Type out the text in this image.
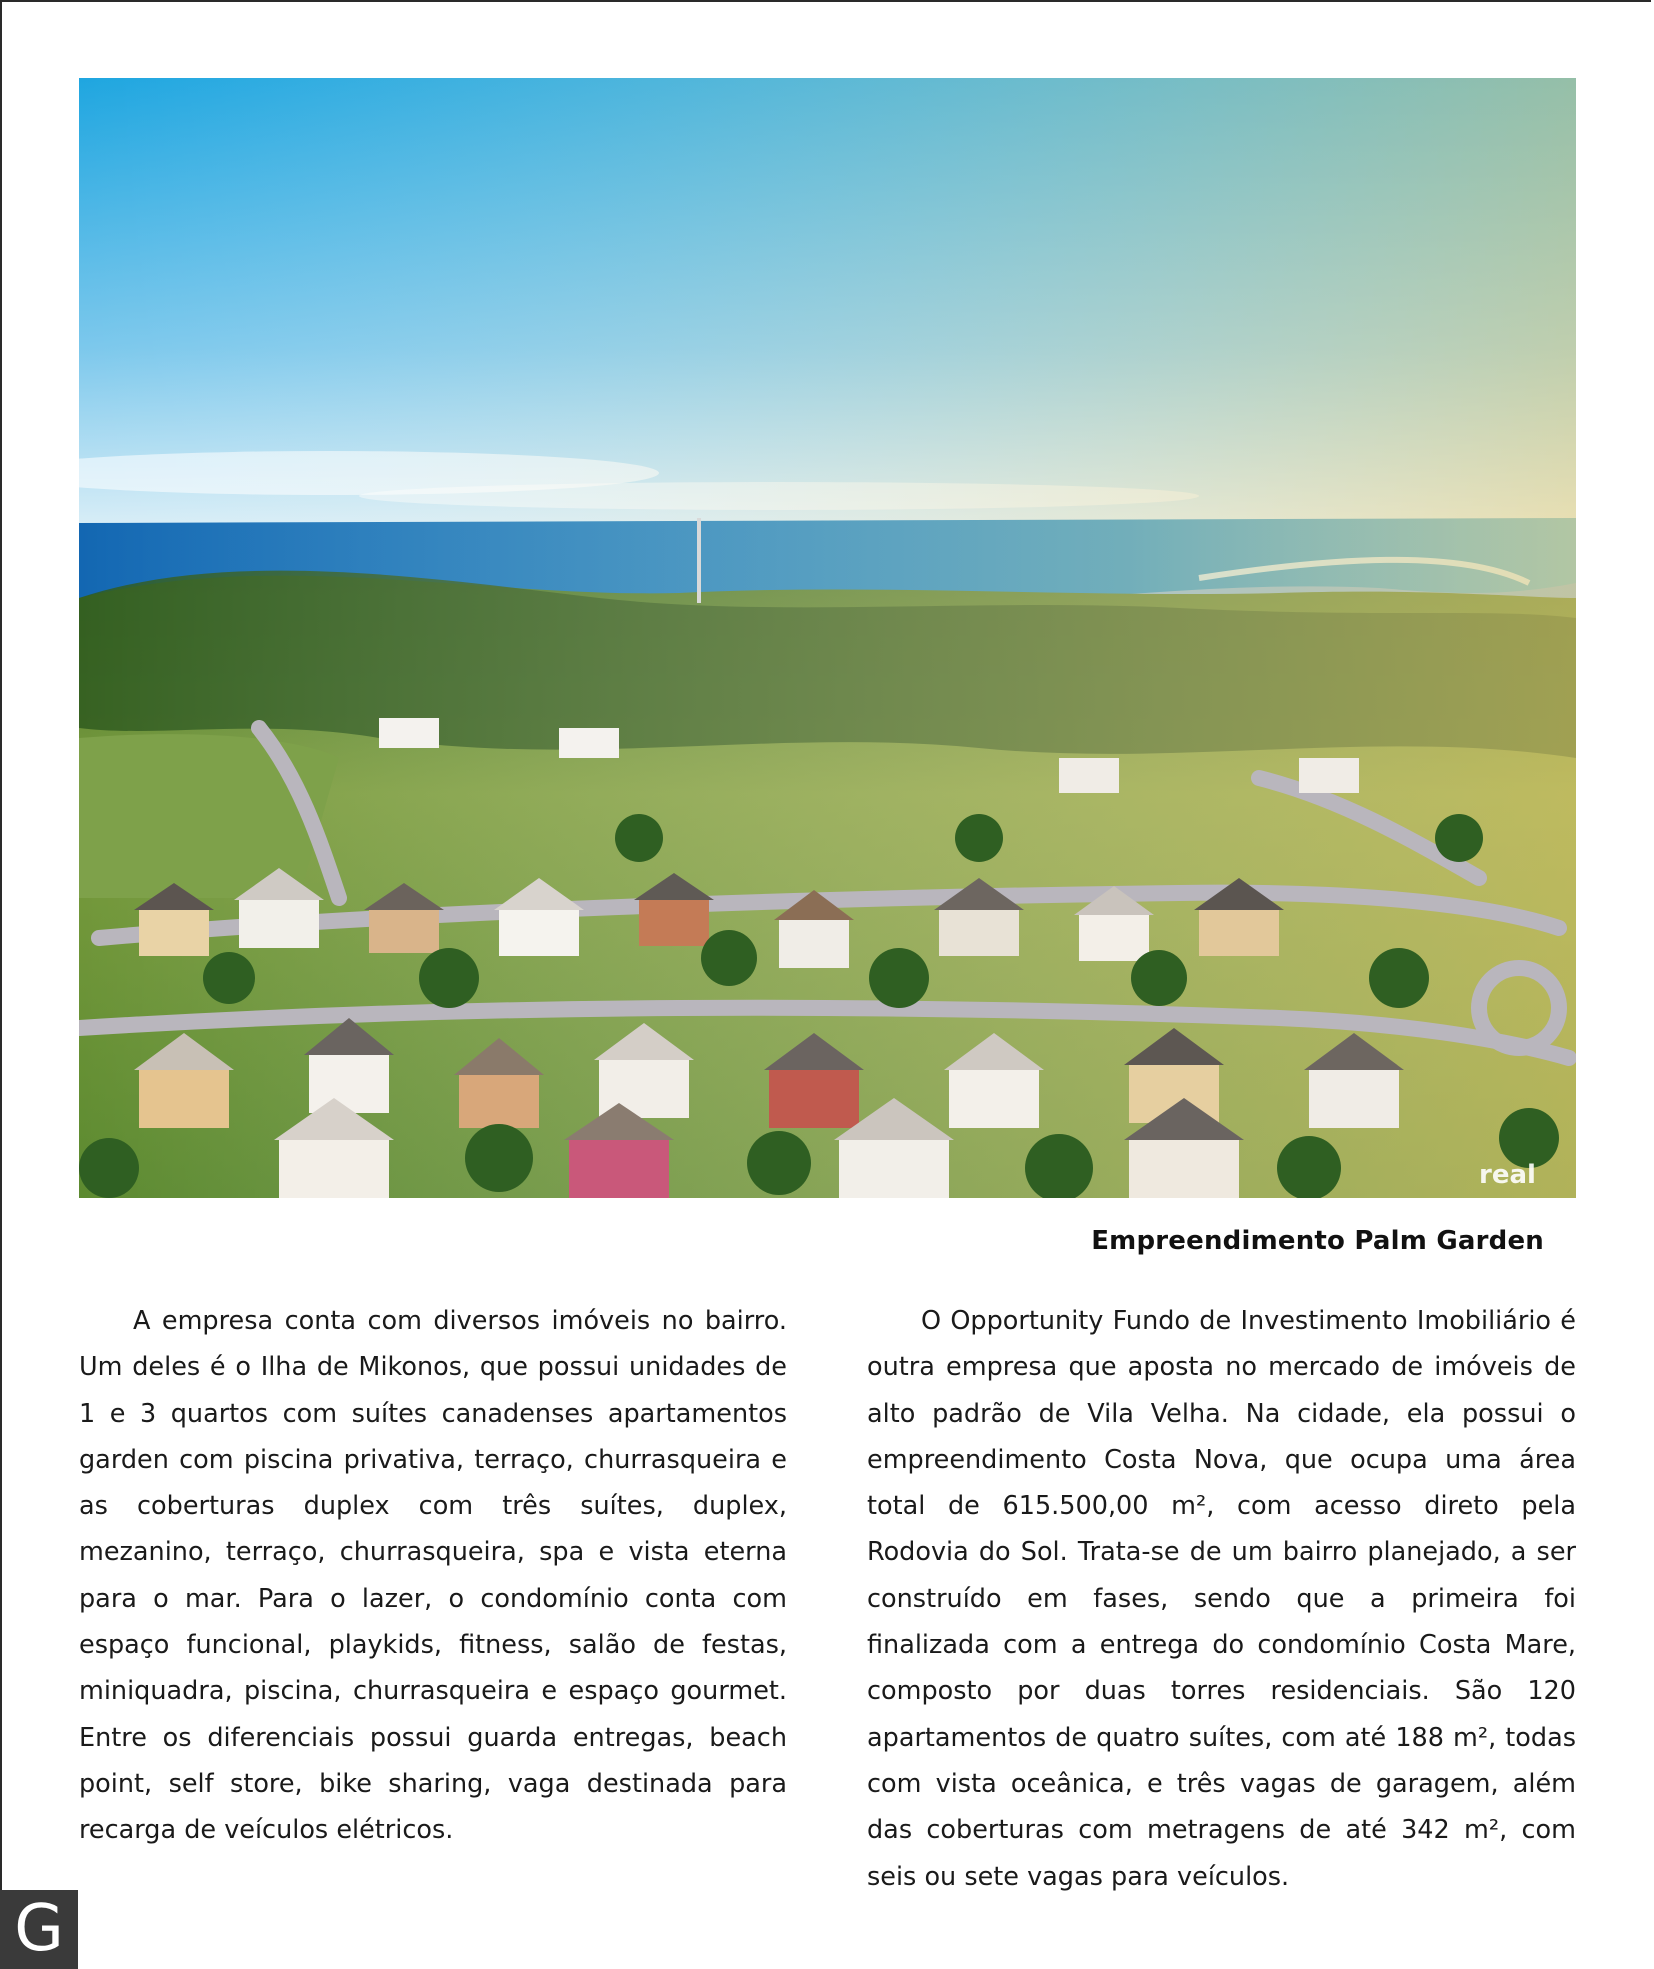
real
Empreendimento Palm Garden

A empresa conta com diversos imóveis no bairro. Um deles é o Ilha de Mikonos, que possui unidades de 1 e 3 quartos com suítes canadenses apartamentos garden com piscina privativa, terraço, churrasqueira e as coberturas duplex com três suítes, duplex, mezanino, terraço, churrasqueira, spa e vista eterna para o mar. Para o lazer, o condomínio conta com espaço funcional, playkids, fitness, salão de festas, miniquadra, piscina, churrasqueira e espaço gourmet. Entre os diferenciais possui guarda entregas, beach point, self store, bike sharing, vaga destinada para recarga de veículos elétricos.

O Opportunity Fundo de Investimento Imobiliário é outra empresa que aposta no mercado de imóveis de alto padrão de Vila Velha. Na cidade, ela possui o empreendimento Costa Nova, que ocupa uma área total de 615.500,00 m², com acesso direto pela Rodovia do Sol. Trata-se de um bairro planejado, a ser construído em fases, sendo que a primeira foi finalizada com a entrega do condomínio Costa Mare, composto por duas torres residenciais. São 120 apartamentos de quatro suítes, com até 188 m², todas com vista oceânica, e três vagas de garagem, além das coberturas com metragens de até 342 m², com seis ou sete vagas para veículos.

G
